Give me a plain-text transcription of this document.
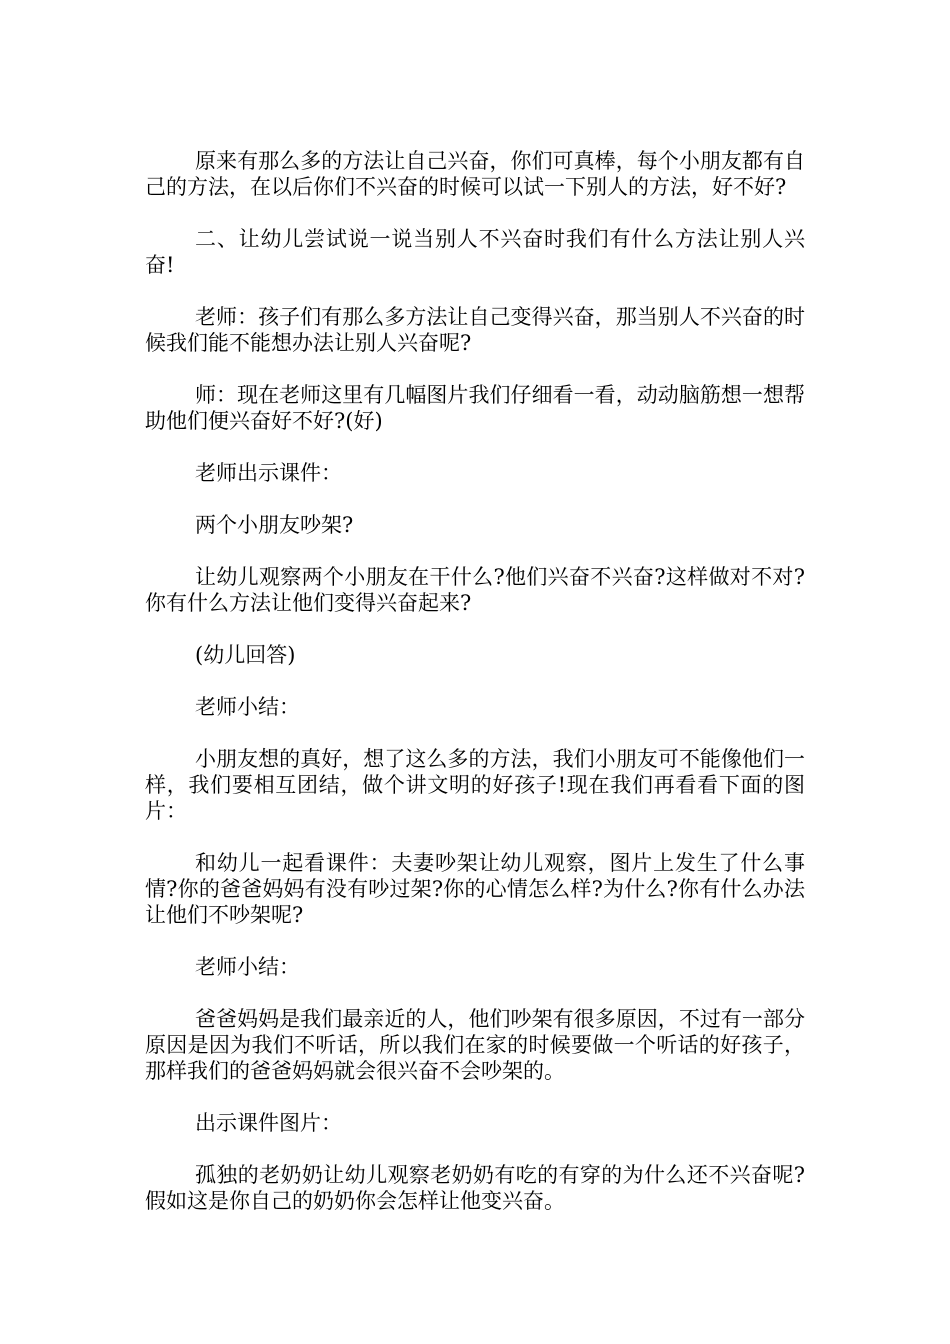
原来有那么多的方法让自己兴奋，你们可真棒，每个小朋友都有自己的方法，在以后你们不兴奋的时候可以试一下别人的方法，好不好?

二、让幼儿尝试说一说当别人不兴奋时我们有什么方法让别人兴奋!

老师：孩子们有那么多方法让自己变得兴奋，那当别人不兴奋的时候我们能不能想办法让别人兴奋呢?

师：现在老师这里有几幅图片我们仔细看一看，动动脑筋想一想帮助他们便兴奋好不好?(好)

老师出示课件：

两个小朋友吵架?

让幼儿观察两个小朋友在干什么?他们兴奋不兴奋?这样做对不对?你有什么方法让他们变得兴奋起来?

(幼儿回答)

老师小结：

小朋友想的真好，想了这么多的方法，我们小朋友可不能像他们一样，我们要相互团结，做个讲文明的好孩子!现在我们再看看下面的图片：

和幼儿一起看课件：夫妻吵架让幼儿观察，图片上发生了什么事情?你的爸爸妈妈有没有吵过架?你的心情怎么样?为什么?你有什么办法让他们不吵架呢?

老师小结：

爸爸妈妈是我们最亲近的人，他们吵架有很多原因，不过有一部分原因是因为我们不听话，所以我们在家的时候要做一个听话的好孩子，那样我们的爸爸妈妈就会很兴奋不会吵架的。

出示课件图片：

孤独的老奶奶让幼儿观察老奶奶有吃的有穿的为什么还不兴奋呢?假如这是你自己的奶奶你会怎样让他变兴奋。
